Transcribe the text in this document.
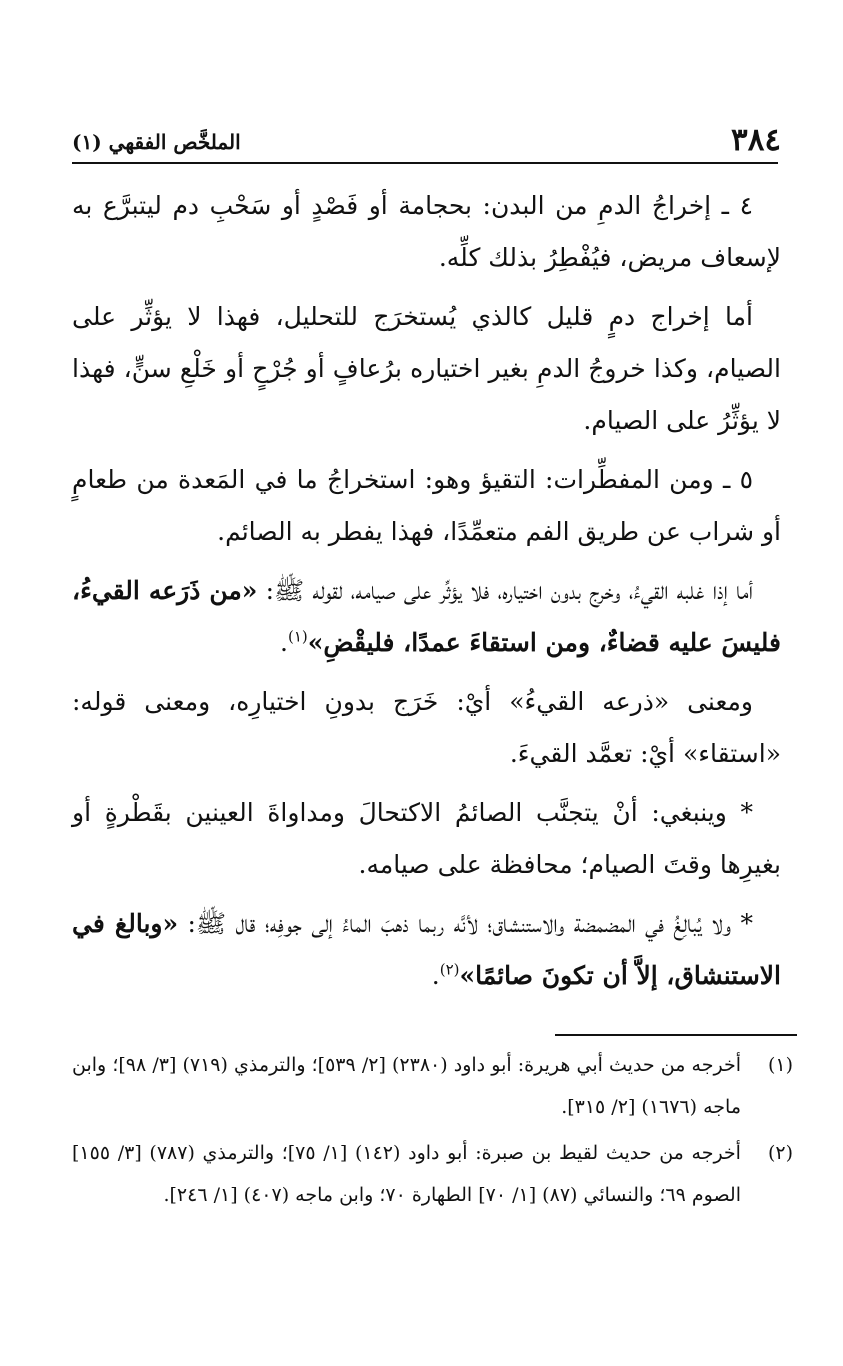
٣٨٤
الملخَّص الفقهي (١)

٤ ـ إخراجُ الدمِ من البدن: بحجامة أو فَصْدٍ أو سَحْبِ دم ليتبرَّع به لإسعاف مريض، فيُفْطِرُ بذلك كلِّه.

أما إخراج دمٍ قليل كالذي يُستخرَج للتحليل، فهذا لا يؤثِّر على الصيام، وكذا خروجُ الدمِ بغير اختياره برُعافٍ أو جُرْحٍ أو خَلْعِ سنٍّ، فهذا لا يؤثِّرُ على الصيام.

٥ ـ ومن المفطِّرات: التقيؤ وهو: استخراجُ ما في المَعدة من طعامٍ أو شراب عن طريق الفم متعمِّدًا، فهذا يفطر به الصائم.

أما إذا غلبه القيءُ، وخرج بدون اختياره، فلا يؤثِّر على صيامه، لقوله ﷺ: «من ذَرَعه القيءُ، فليسَ عليه قضاءٌ، ومن استقاءَ عمدًا، فليقْضِ»$^{(١)}$.

ومعنى «ذرعه القيءُ» أيْ: خَرَج بدونِ اختيارِه، ومعنى قوله: «استقاء» أيْ: تعمَّد القيءَ.

* وينبغي: أنْ يتجنَّب الصائمُ الاكتحالَ ومداواةَ العينين بقَطْرةٍ أو بغيرِها وقتَ الصيام؛ محافظة على صيامه.

* ولا يُبالِغُ في المضمضة والاستنشاق؛ لأنَّه ربما ذهبَ الماءُ إلى جوفِه؛ قال ﷺ: «وبالغ في الاستنشاق، إلاَّ أن تكونَ صائمًا»$^{(٢)}$.

(١)
أخرجه من حديث أبي هريرة: أبو داود (٢٣٨٠) [٢/ ٥٣٩]؛ والترمذي (٧١٩) [٣/ ٩٨]؛ وابن ماجه (١٦٧٦) [٢/ ٣١٥].
(٢)
أخرجه من حديث لقيط بن صبرة: أبو داود (١٤٢) [١/ ٧٥]؛ والترمذي (٧٨٧) [٣/ ١٥٥] الصوم ٦٩؛ والنسائي (٨٧) [١/ ٧٠] الطهارة ٧٠؛ وابن ماجه (٤٠٧) [١/ ٢٤٦].
